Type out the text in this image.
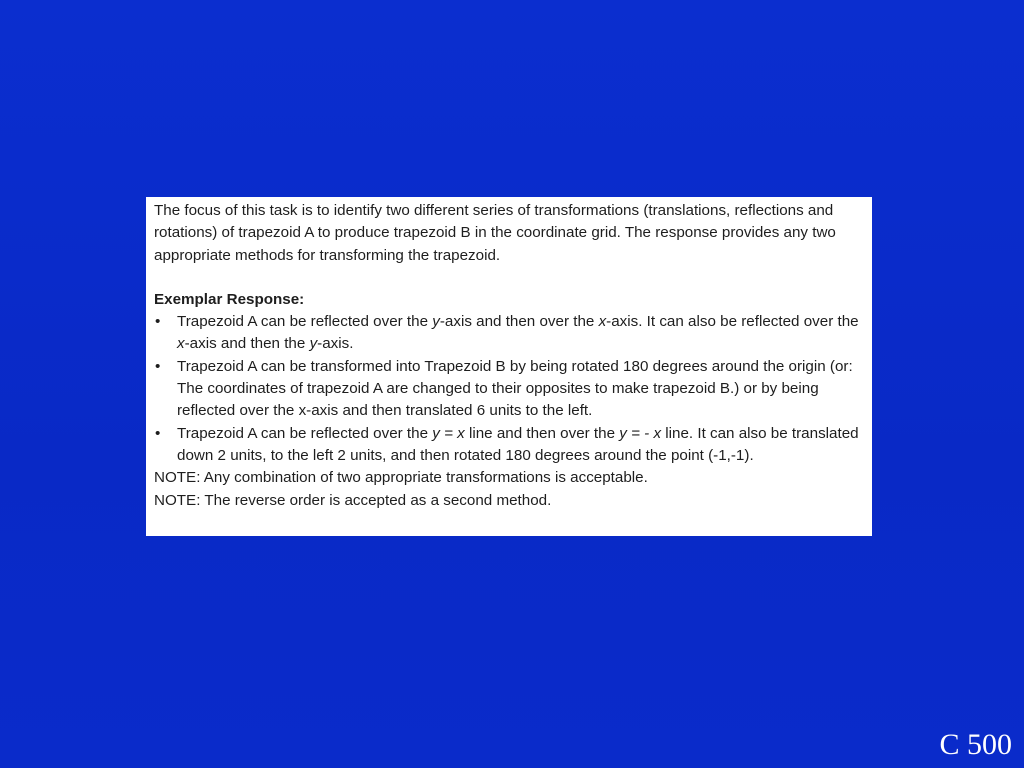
The focus of this task is to identify two different series of transformations (translations, reflections and rotations) of trapezoid A to produce trapezoid B in the coordinate grid. The response provides any two appropriate methods for transforming the trapezoid.

Exemplar Response:

• Trapezoid A can be reflected over the y-axis and then over the x-axis. It can also be reflected over the x-axis and then the y-axis.
• Trapezoid A can be transformed into Trapezoid B by being rotated 180 degrees around the origin (or: The coordinates of trapezoid A are changed to their opposites to make trapezoid B.) or by being reflected over the x-axis and then translated 6 units to the left.
• Trapezoid A can be reflected over the y = x line and then over the y = - x line. It can also be translated down 2 units, to the left 2 units, and then rotated 180 degrees around the point (-1,-1).

NOTE: Any combination of two appropriate transformations is acceptable.

NOTE: The reverse order is accepted as a second method.

C 500
